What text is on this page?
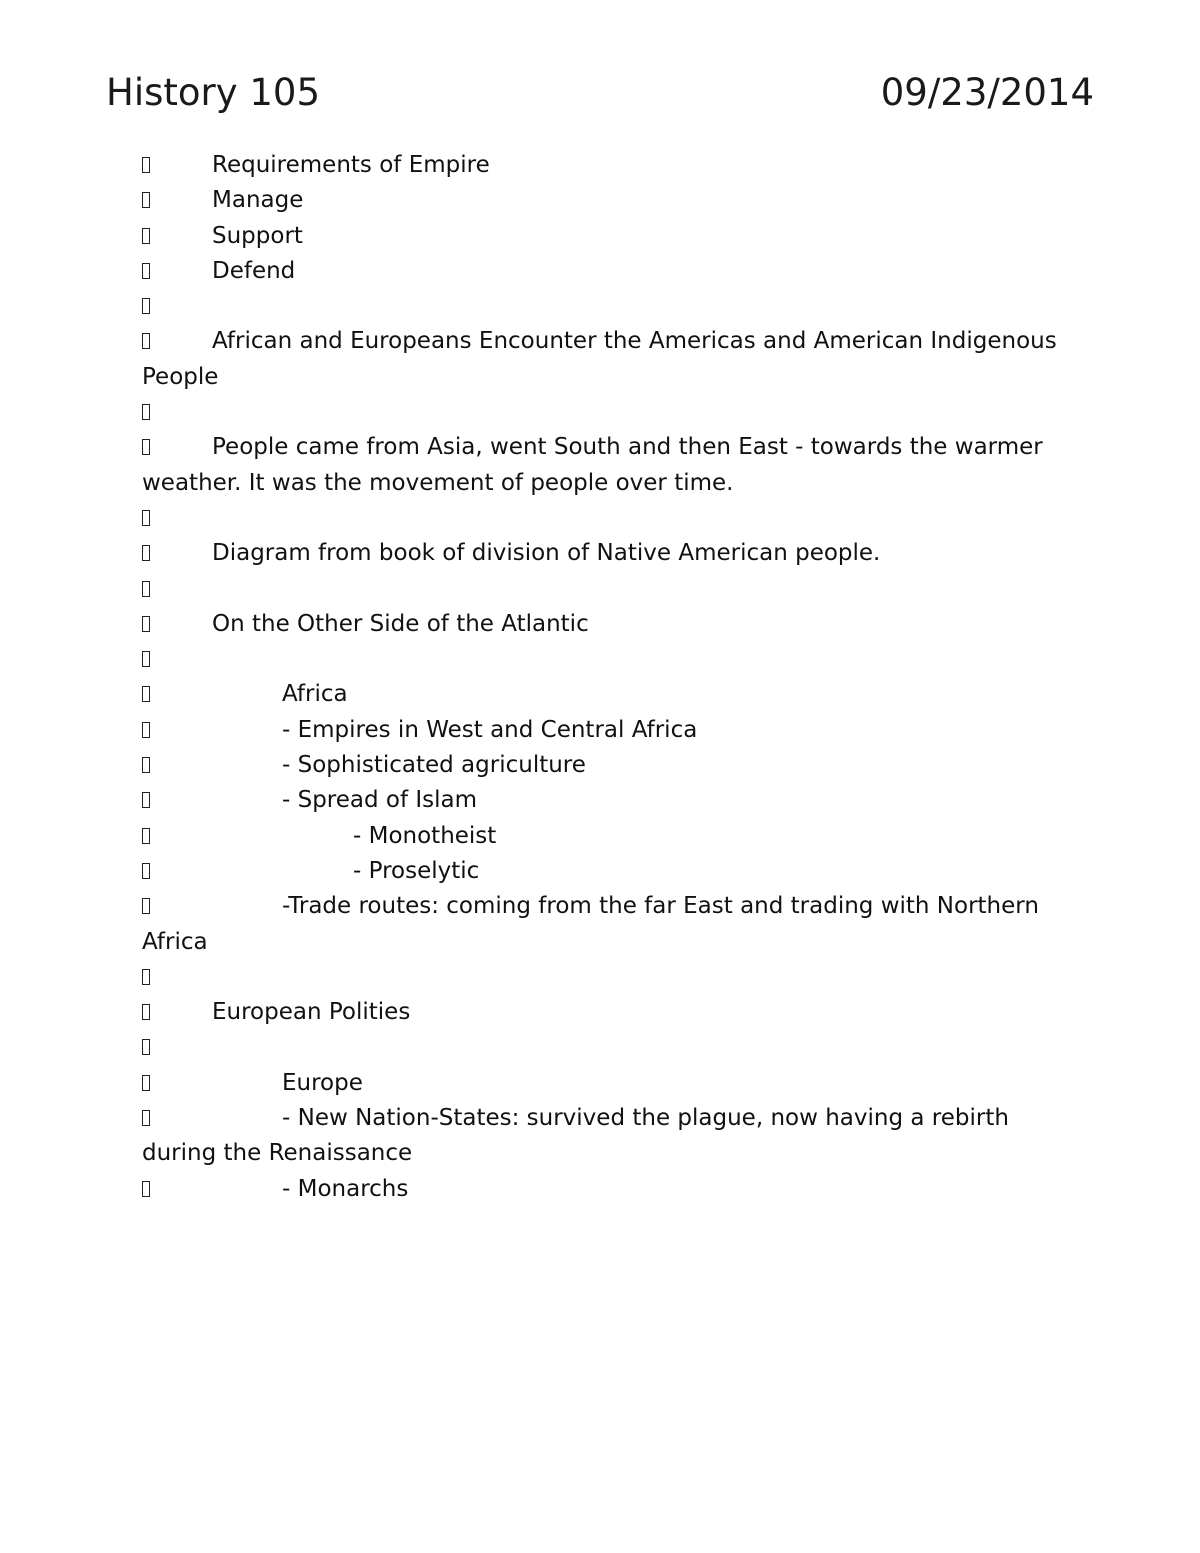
History 105	09/23/2014
Requirements of Empire
Manage
Support
Defend
African and Europeans Encounter the Americas and American Indigenous People
People came from Asia, went South and then East - towards the warmer weather. It was the movement of people over time.
Diagram from book of division of Native American people.
On the Other Side of the Atlantic
Africa
- Empires in West and Central Africa
- Sophisticated agriculture
- Spread of Islam
- Monotheist
- Proselytic
-Trade routes: coming from the far East and trading with Northern Africa
European Polities
Europe
- New Nation-States: survived the plague, now having a rebirth during the Renaissance
- Monarchs
